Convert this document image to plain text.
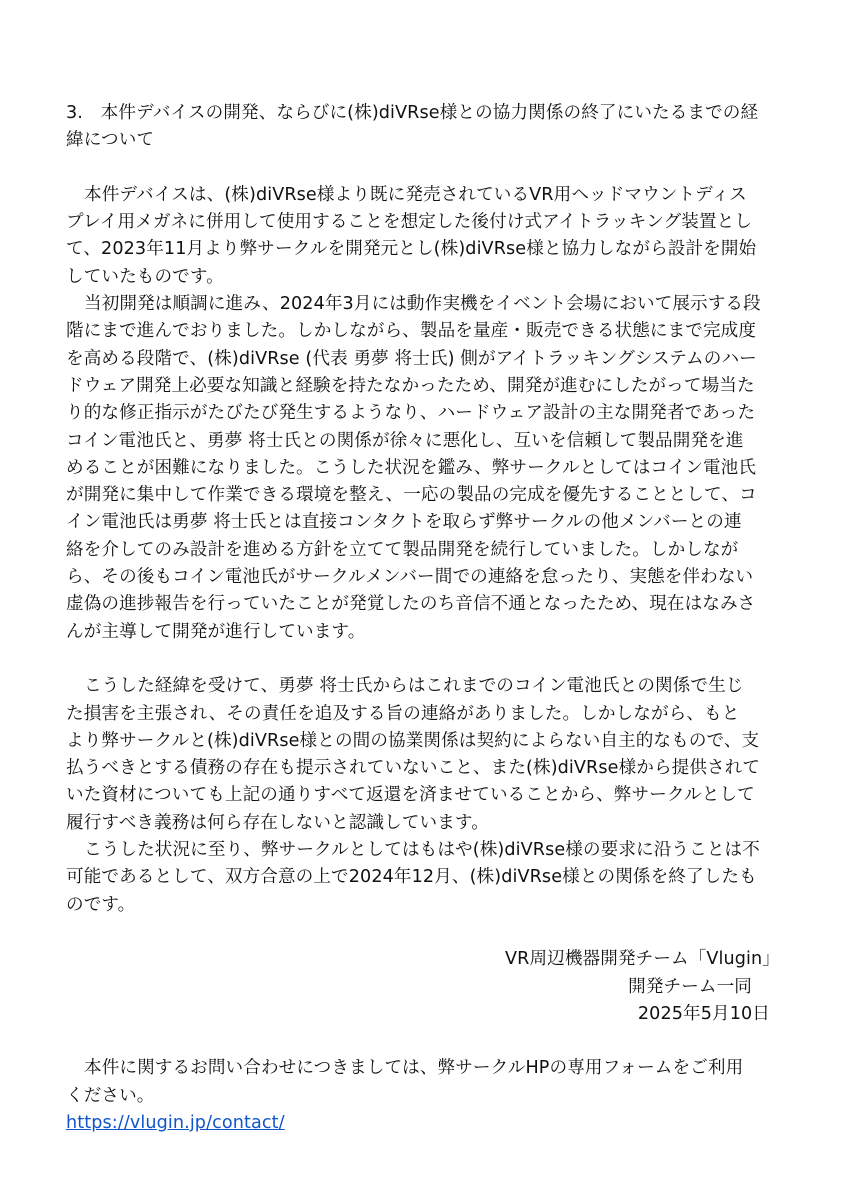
3.　本件デバイスの開発、ならびに(株)diVRse様との協力関係の終了にいたるまでの経
緯について
本件デバイスは、(株)diVRse様より既に発売されているVR用ヘッドマウントディス
プレイ用メガネに併用して使用することを想定した後付け式アイトラッキング装置とし
て、2023年11月より弊サークルを開発元とし(株)diVRse様と協力しながら設計を開始
していたものです。
当初開発は順調に進み、2024年3月には動作実機をイベント会場において展示する段
階にまで進んでおりました。しかしながら、製品を量産・販売できる状態にまで完成度
を高める段階で、(株)diVRse (代表 勇夢 将士氏) 側がアイトラッキングシステムのハー
ドウェア開発上必要な知識と経験を持たなかったため、開発が進むにしたがって場当た
り的な修正指示がたびたび発生するようなり、ハードウェア設計の主な開発者であった
コイン電池氏と、勇夢 将士氏との関係が徐々に悪化し、互いを信頼して製品開発を進
めることが困難になりました。こうした状況を鑑み、弊サークルとしてはコイン電池氏
が開発に集中して作業できる環境を整え、一応の製品の完成を優先することとして、コ
イン電池氏は勇夢 将士氏とは直接コンタクトを取らず弊サークルの他メンバーとの連
絡を介してのみ設計を進める方針を立てて製品開発を続行していました。しかしなが
ら、その後もコイン電池氏がサークルメンバー間での連絡を怠ったり、実態を伴わない
虚偽の進捗報告を行っていたことが発覚したのち音信不通となったため、現在はなみさ
んが主導して開発が進行しています。
こうした経緯を受けて、勇夢 将士氏からはこれまでのコイン電池氏との関係で生じ
た損害を主張され、その責任を追及する旨の連絡がありました。しかしながら、もと
より弊サークルと(株)diVRse様との間の協業関係は契約によらない自主的なもので、支
払うべきとする債務の存在も提示されていないこと、また(株)diVRse様から提供されて
いた資材についても上記の通りすべて返還を済ませていることから、弊サークルとして
履行すべき義務は何ら存在しないと認識しています。
こうした状況に至り、弊サークルとしてはもはや(株)diVRse様の要求に沿うことは不
可能であるとして、双方合意の上で2024年12月、(株)diVRse様との関係を終了したも
のです。
VR周辺機器開発チーム「Vlugin」
開発チーム一同
2025年5月10日
本件に関するお問い合わせにつきましては、弊サークルHPの専用フォームをご利用
ください。
https://vlugin.jp/contact/
